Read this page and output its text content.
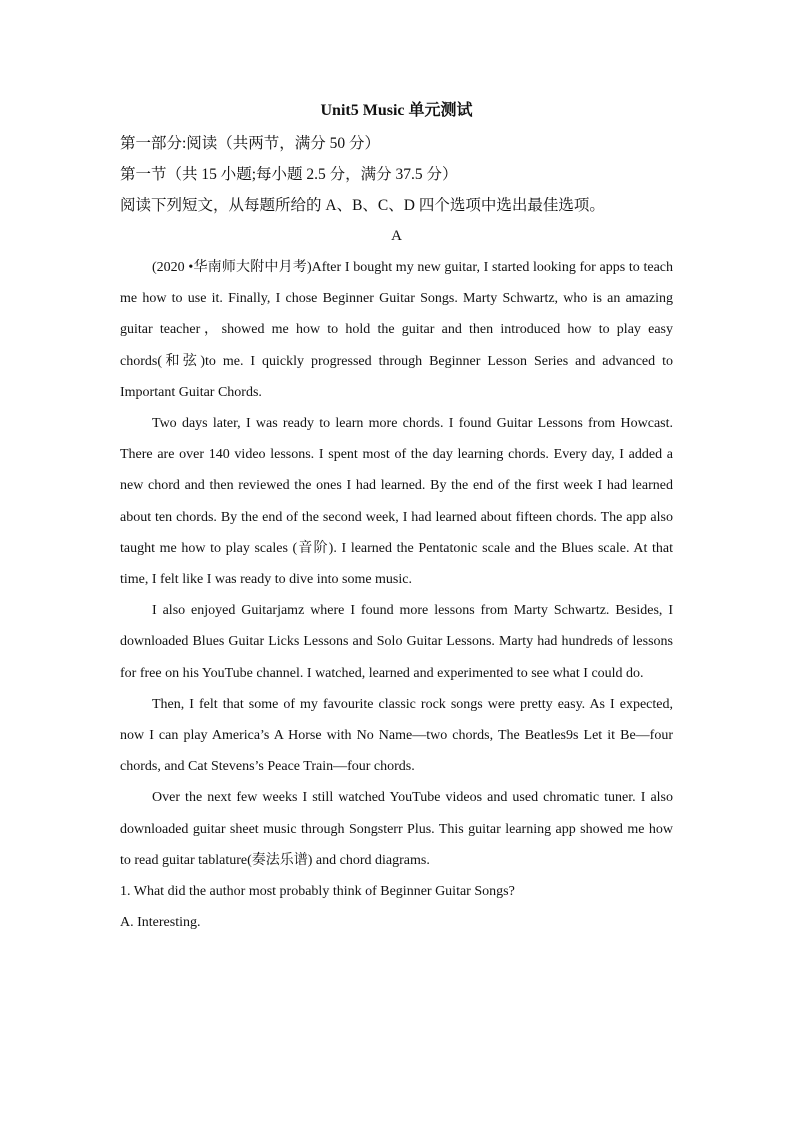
Unit5 Music 单元测试
第一部分:阅读（共两节，满分 50 分）
第一节（共 15 小题;每小题 2.5 分，满分 37.5 分）
阅读下列短文，从每题所给的 A、B、C、D 四个选项中选出最佳选项。
A

(2020 •华南师大附中月考)After I bought my new guitar, I started looking for apps to teach me how to use it. Finally, I chose Beginner Guitar Songs. Marty Schwartz, who is an amazing guitar teacher，showed me how to hold the guitar and then introduced how to play easy chords(和弦)to me. I quickly progressed through Beginner Lesson Series and advanced to Important Guitar Chords.

Two days later, I was ready to learn more chords. I found Guitar Lessons from Howcast. There are over 140 video lessons. I spent most of the day learning chords. Every day, I added a new chord and then reviewed the ones I had learned. By the end of the first week I had learned about ten chords. By the end of the second week, I had learned about fifteen chords. The app also taught me how to play scales (音阶). I learned the Pentatonic scale and the Blues scale. At that time, I felt like I was ready to dive into some music.

I also enjoyed Guitarjamz where I found more lessons from Marty Schwartz. Besides, I downloaded Blues Guitar Licks Lessons and Solo Guitar Lessons. Marty had hundreds of lessons for free on his YouTube channel. I watched, learned and experimented to see what I could do.

Then, I felt that some of my favourite classic rock songs were pretty easy. As I expected, now I can play America’s A Horse with No Name—two chords, The Beatles9s Let it Be—four chords, and Cat Stevens’s Peace Train—four chords.

Over the next few weeks I still watched YouTube videos and used chromatic tuner. I also downloaded guitar sheet music through Songsterr Plus. This guitar learning app showed me how to read guitar tablature(奏法乐谱) and chord diagrams.

1. What did the author most probably think of Beginner Guitar Songs?

A. Interesting.
